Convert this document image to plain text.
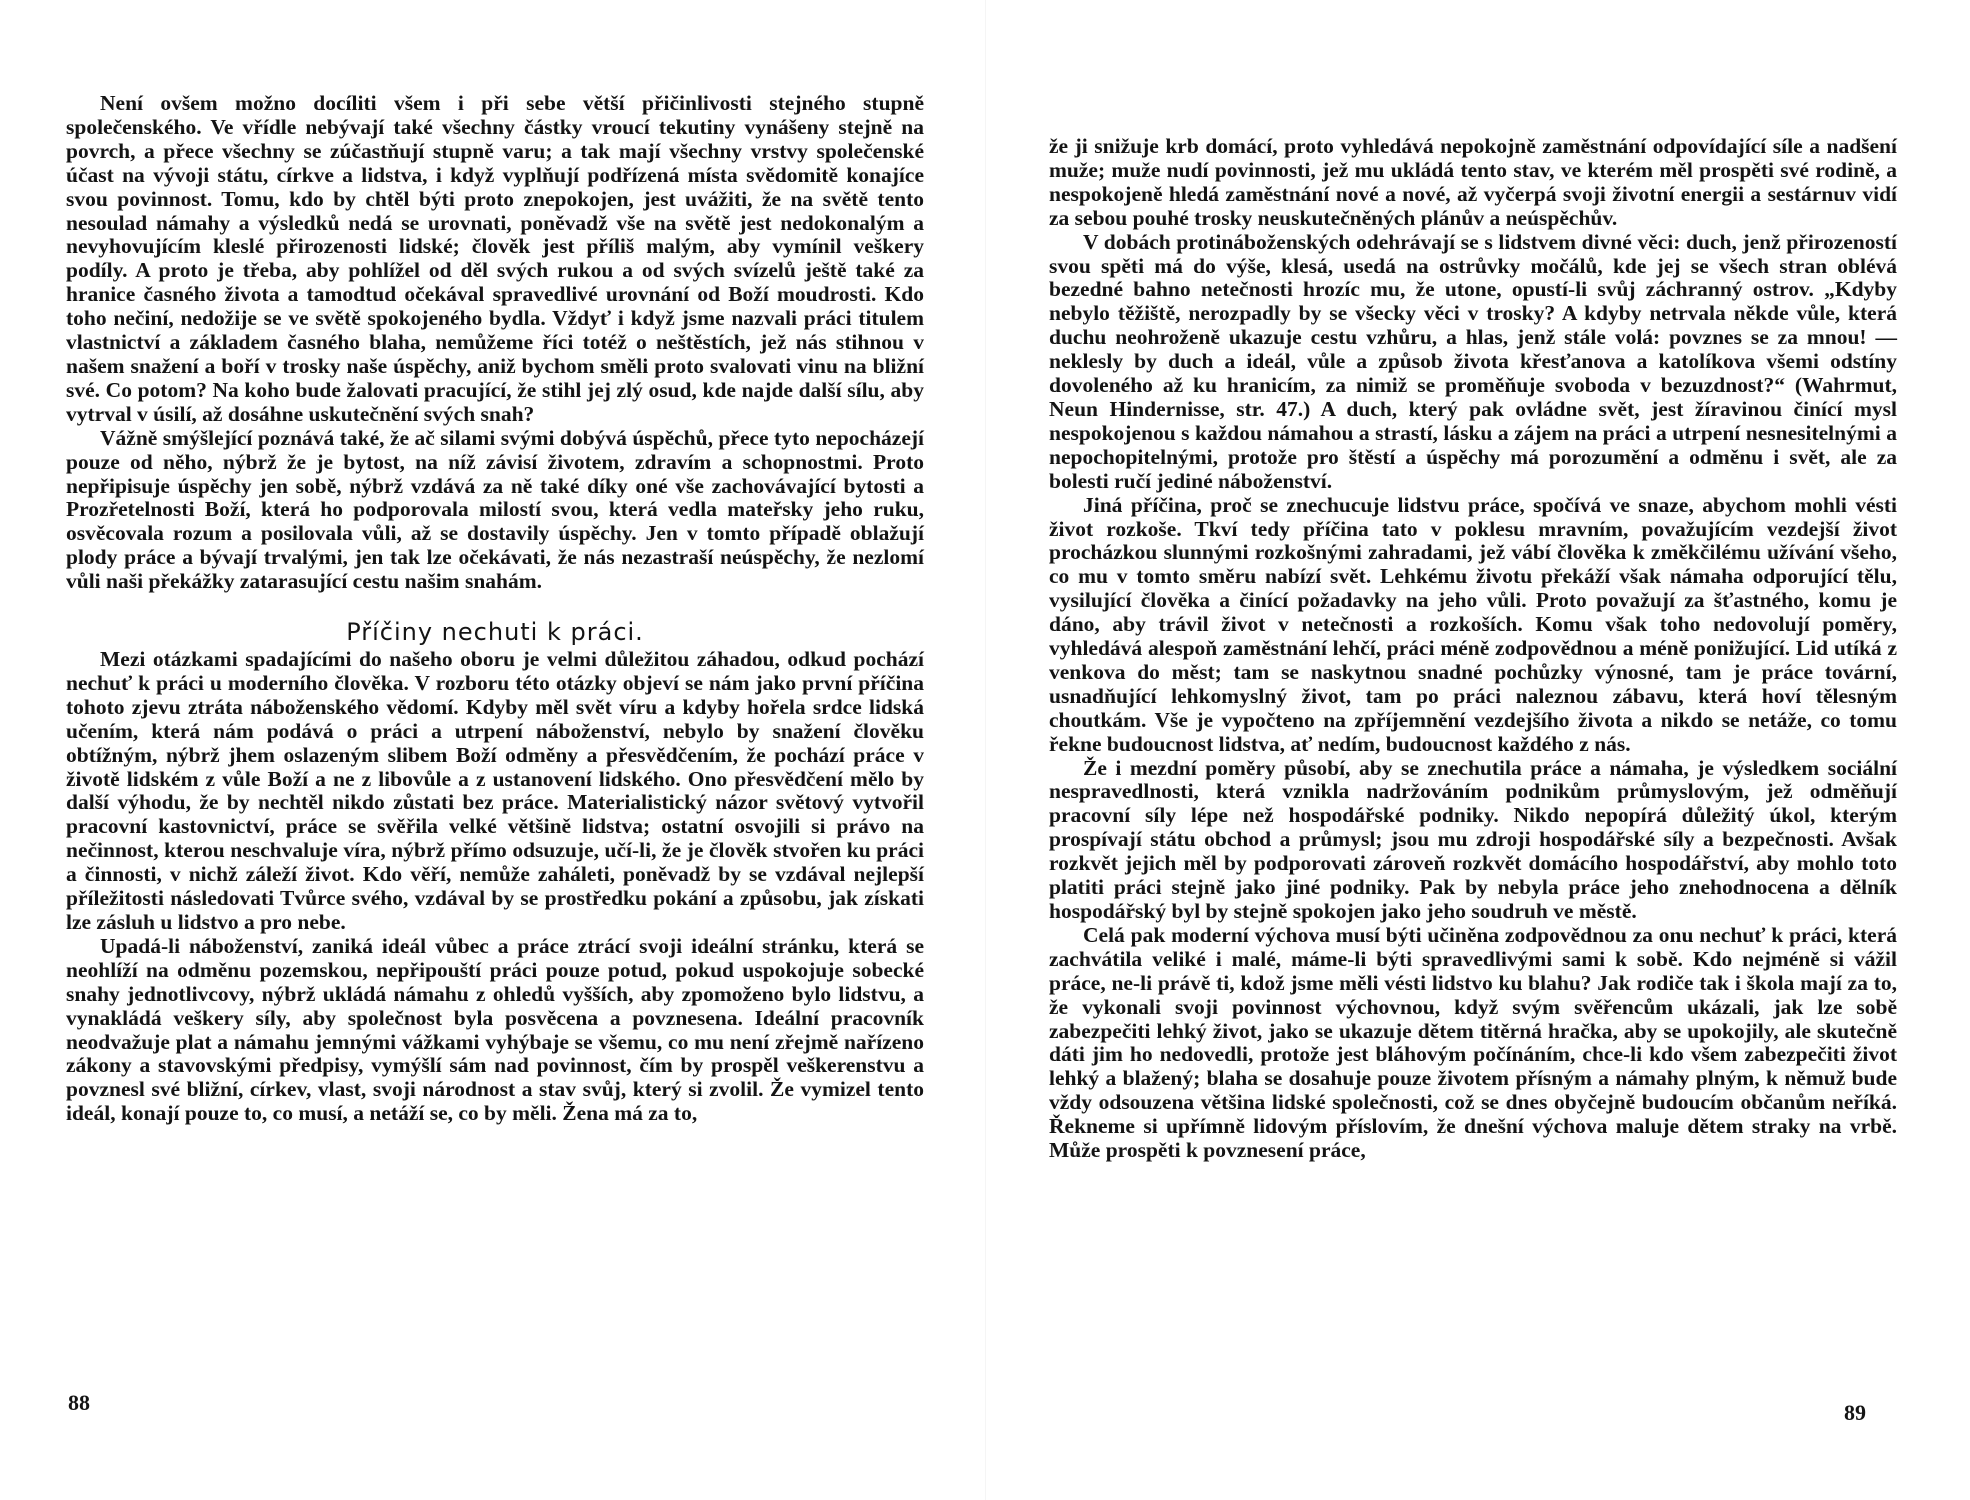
Není ovšem možno docíliti všem i při sebe větší přičinlivosti stejného stupně společenského. Ve vřídle nebývají také všechny částky vroucí tekutiny vynášeny stejně na povrch, a přece všechny se zúčastňují stupně varu; a tak mají všechny vrstvy společenské účast na vývoji státu, církve a lidstva, i když vyplňují podřízená místa svědomitě konajíce svou povinnost. Tomu, kdo by chtěl býti proto znepokojen, jest uvážiti, že na světě tento nesoulad námahy a výsledků nedá se urovnati, poněvadž vše na světě jest nedokonalým a nevyhovujícím kleslé přirozenosti lidské; člověk jest příliš malým, aby vymínil veškery podíly. A proto je třeba, aby pohlížel od děl svých rukou a od svých svízelů ještě také za hranice časného života a tamodtud očekával spravedlivé urovnání od Boží moudrosti. Kdo toho nečiní, nedožije se ve světě spokojeného bydla. Vždyť i když jsme nazvali práci titulem vlastnictví a základem časného blaha, nemůžeme říci totéž o neštěstích, jež nás stihnou v našem snažení a boří v trosky naše úspěchy, aniž bychom směli proto svalovati vinu na bližní své. Co potom? Na koho bude žalovati pracující, že stihl jej zlý osud, kde najde další sílu, aby vytrval v úsilí, až dosáhne uskutečnění svých snah?

Vážně smýšlející poznává také, že ač silami svými dobývá úspěchů, přece tyto nepocházejí pouze od něho, nýbrž že je bytost, na níž závisí životem, zdravím a schopnostmi. Proto nepřipisuje úspěchy jen sobě, nýbrž vzdává za ně také díky oné vše zachovávající bytosti a Prozřetelnosti Boží, která ho podporovala milostí svou, která vedla mateřsky jeho ruku, osvěcovala rozum a posilovala vůli, až se dostavily úspěchy. Jen v tomto případě oblažují plody práce a bývají trvalými, jen tak lze očekávati, že nás nezastraší neúspěchy, že nezlomí vůli naši překážky zatarasující cestu našim snahám.

Příčiny nechuti k práci.

Mezi otázkami spadajícími do našeho oboru je velmi důležitou záhadou, odkud pochází nechuť k práci u moderního člověka. V rozboru této otázky objeví se nám jako první příčina tohoto zjevu ztráta náboženského vědomí. Kdyby měl svět víru a kdyby hořela srdce lidská učením, která nám podává o práci a utrpení náboženství, nebylo by snažení člověku obtížným, nýbrž jhem oslazeným slibem Boží odměny a přesvědčením, že pochází práce v životě lidském z vůle Boží a ne z libovůle a z ustanovení lidského. Ono přesvědčení mělo by další výhodu, že by nechtěl nikdo zůstati bez práce. Materialistický názor světový vytvořil pracovní kastovnictví, práce se svěřila velké většině lidstva; ostatní osvojili si právo na nečinnost, kterou neschvaluje víra, nýbrž přímo odsuzuje, učí-li, že je člověk stvořen ku práci a činnosti, v nichž záleží život. Kdo věří, nemůže zaháleti, poněvadž by se vzdával nejlepší příležitosti následovati Tvůrce svého, vzdával by se prostředku pokání a způsobu, jak získati lze zásluh u lidstvo a pro nebe.

Upadá-li náboženství, zaniká ideál vůbec a práce ztrácí svoji ideální stránku, která se neohlíží na odměnu pozemskou, nepřipouští práci pouze potud, pokud uspokojuje sobecké snahy jednotlivcovy, nýbrž ukládá námahu z ohledů vyšších, aby zpomoženo bylo lidstvu, a vynakládá veškery síly, aby společnost byla posvěcena a povznesena. Ideální pracovník neodvažuje plat a námahu jemnými vážkami vyhýbaje se všemu, co mu není zřejmě nařízeno zákony a stavovskými předpisy, vymýšlí sám nad povinnost, čím by prospěl veškerenstvu a povznesl své bližní, církev, vlast, svoji národnost a stav svůj, který si zvolil. Že vymizel tento ideál, konají pouze to, co musí, a netáží se, co by měli. Žena má za to,

88

že ji snižuje krb domácí, proto vyhledává nepokojně zaměstnání odpovídající síle a nadšení muže; muže nudí povinnosti, jež mu ukládá tento stav, ve kterém měl prospěti své rodině, a nespokojeně hledá zaměstnání nové a nové, až vyčerpá svoji životní energii a sestárnuv vidí za sebou pouhé trosky neuskutečněných plánův a neúspěchův.

V dobách protináboženských odehrávají se s lidstvem divné věci: duch, jenž přirozeností svou spěti má do výše, klesá, usedá na ostrůvky močálů, kde jej se všech stran oblévá bezedné bahno netečnosti hrozíc mu, že utone, opustí-li svůj záchranný ostrov. „Kdyby nebylo těžiště, nerozpadly by se všecky věci v trosky? A kdyby netrvala někde vůle, která duchu neohroženě ukazuje cestu vzhůru, a hlas, jenž stále volá: povznes se za mnou! — neklesly by duch a ideál, vůle a způsob života křesťanova a katolíkova všemi odstíny dovoleného až ku hranicím, za nimiž se proměňuje svoboda v bezuzdnost?“ (Wahrmut, Neun Hindernisse, str. 47.) A duch, který pak ovládne svět, jest žíravinou činící mysl nespokojenou s každou námahou a strastí, lásku a zájem na práci a utrpení nesnesitelnými a nepochopitelnými, protože pro štěstí a úspěchy má porozumění a odměnu i svět, ale za bolesti ručí jediné náboženství.

Jiná příčina, proč se znechucuje lidstvu práce, spočívá ve snaze, abychom mohli vésti život rozkoše. Tkví tedy příčina tato v poklesu mravním, považujícím vezdejší život procházkou slunnými rozkošnými zahradami, jež vábí člověka k změkčilému užívání všeho, co mu v tomto směru nabízí svět. Lehkému životu překáží však námaha odporující tělu, vysilující člověka a činící požadavky na jeho vůli. Proto považují za šťastného, komu je dáno, aby trávil život v netečnosti a rozkoších. Komu však toho nedovolují poměry, vyhledává alespoň zaměstnání lehčí, práci méně zodpovědnou a méně ponižující. Lid utíká z venkova do měst; tam se naskytnou snadné pochůzky výnosné, tam je práce tovární, usnadňující lehkomyslný život, tam po práci naleznou zábavu, která hoví tělesným choutkám. Vše je vypočteno na zpříjemnění vezdejšího života a nikdo se netáže, co tomu řekne budoucnost lidstva, ať nedím, budoucnost každého z nás.

Že i mezdní poměry působí, aby se znechutila práce a námaha, je výsledkem sociální nespravedlnosti, která vznikla nadržováním podnikům průmyslovým, jež odměňují pracovní síly lépe než hospodářské podniky. Nikdo nepopírá důležitý úkol, kterým prospívají státu obchod a průmysl; jsou mu zdroji hospodářské síly a bezpečnosti. Avšak rozkvět jejich měl by podporovati zároveň rozkvět domácího hospodářství, aby mohlo toto platiti práci stejně jako jiné podniky. Pak by nebyla práce jeho znehodnocena a dělník hospodářský byl by stejně spokojen jako jeho soudruh ve městě.

Celá pak moderní výchova musí býti učiněna zodpovědnou za onu nechuť k práci, která zachvátila veliké i malé, máme-li býti spravedlivými sami k sobě. Kdo nejméně si vážil práce, ne-li právě ti, kdož jsme měli vésti lidstvo ku blahu? Jak rodiče tak i škola mají za to, že vykonali svoji povinnost výchovnou, když svým svěřencům ukázali, jak lze sobě zabezpečiti lehký život, jako se ukazuje dětem titěrná hračka, aby se upokojily, ale skutečně dáti jim ho nedovedli, protože jest bláhovým počínáním, chce-li kdo všem zabezpečiti život lehký a blažený; blaha se dosahuje pouze životem přísným a námahy plným, k němuž bude vždy odsouzena většina lidské společnosti, což se dnes obyčejně budoucím občanům neříká. Řekneme si upřímně lidovým příslovím, že dnešní výchova maluje dětem straky na vrbě. Může prospěti k povznesení práce,

89
